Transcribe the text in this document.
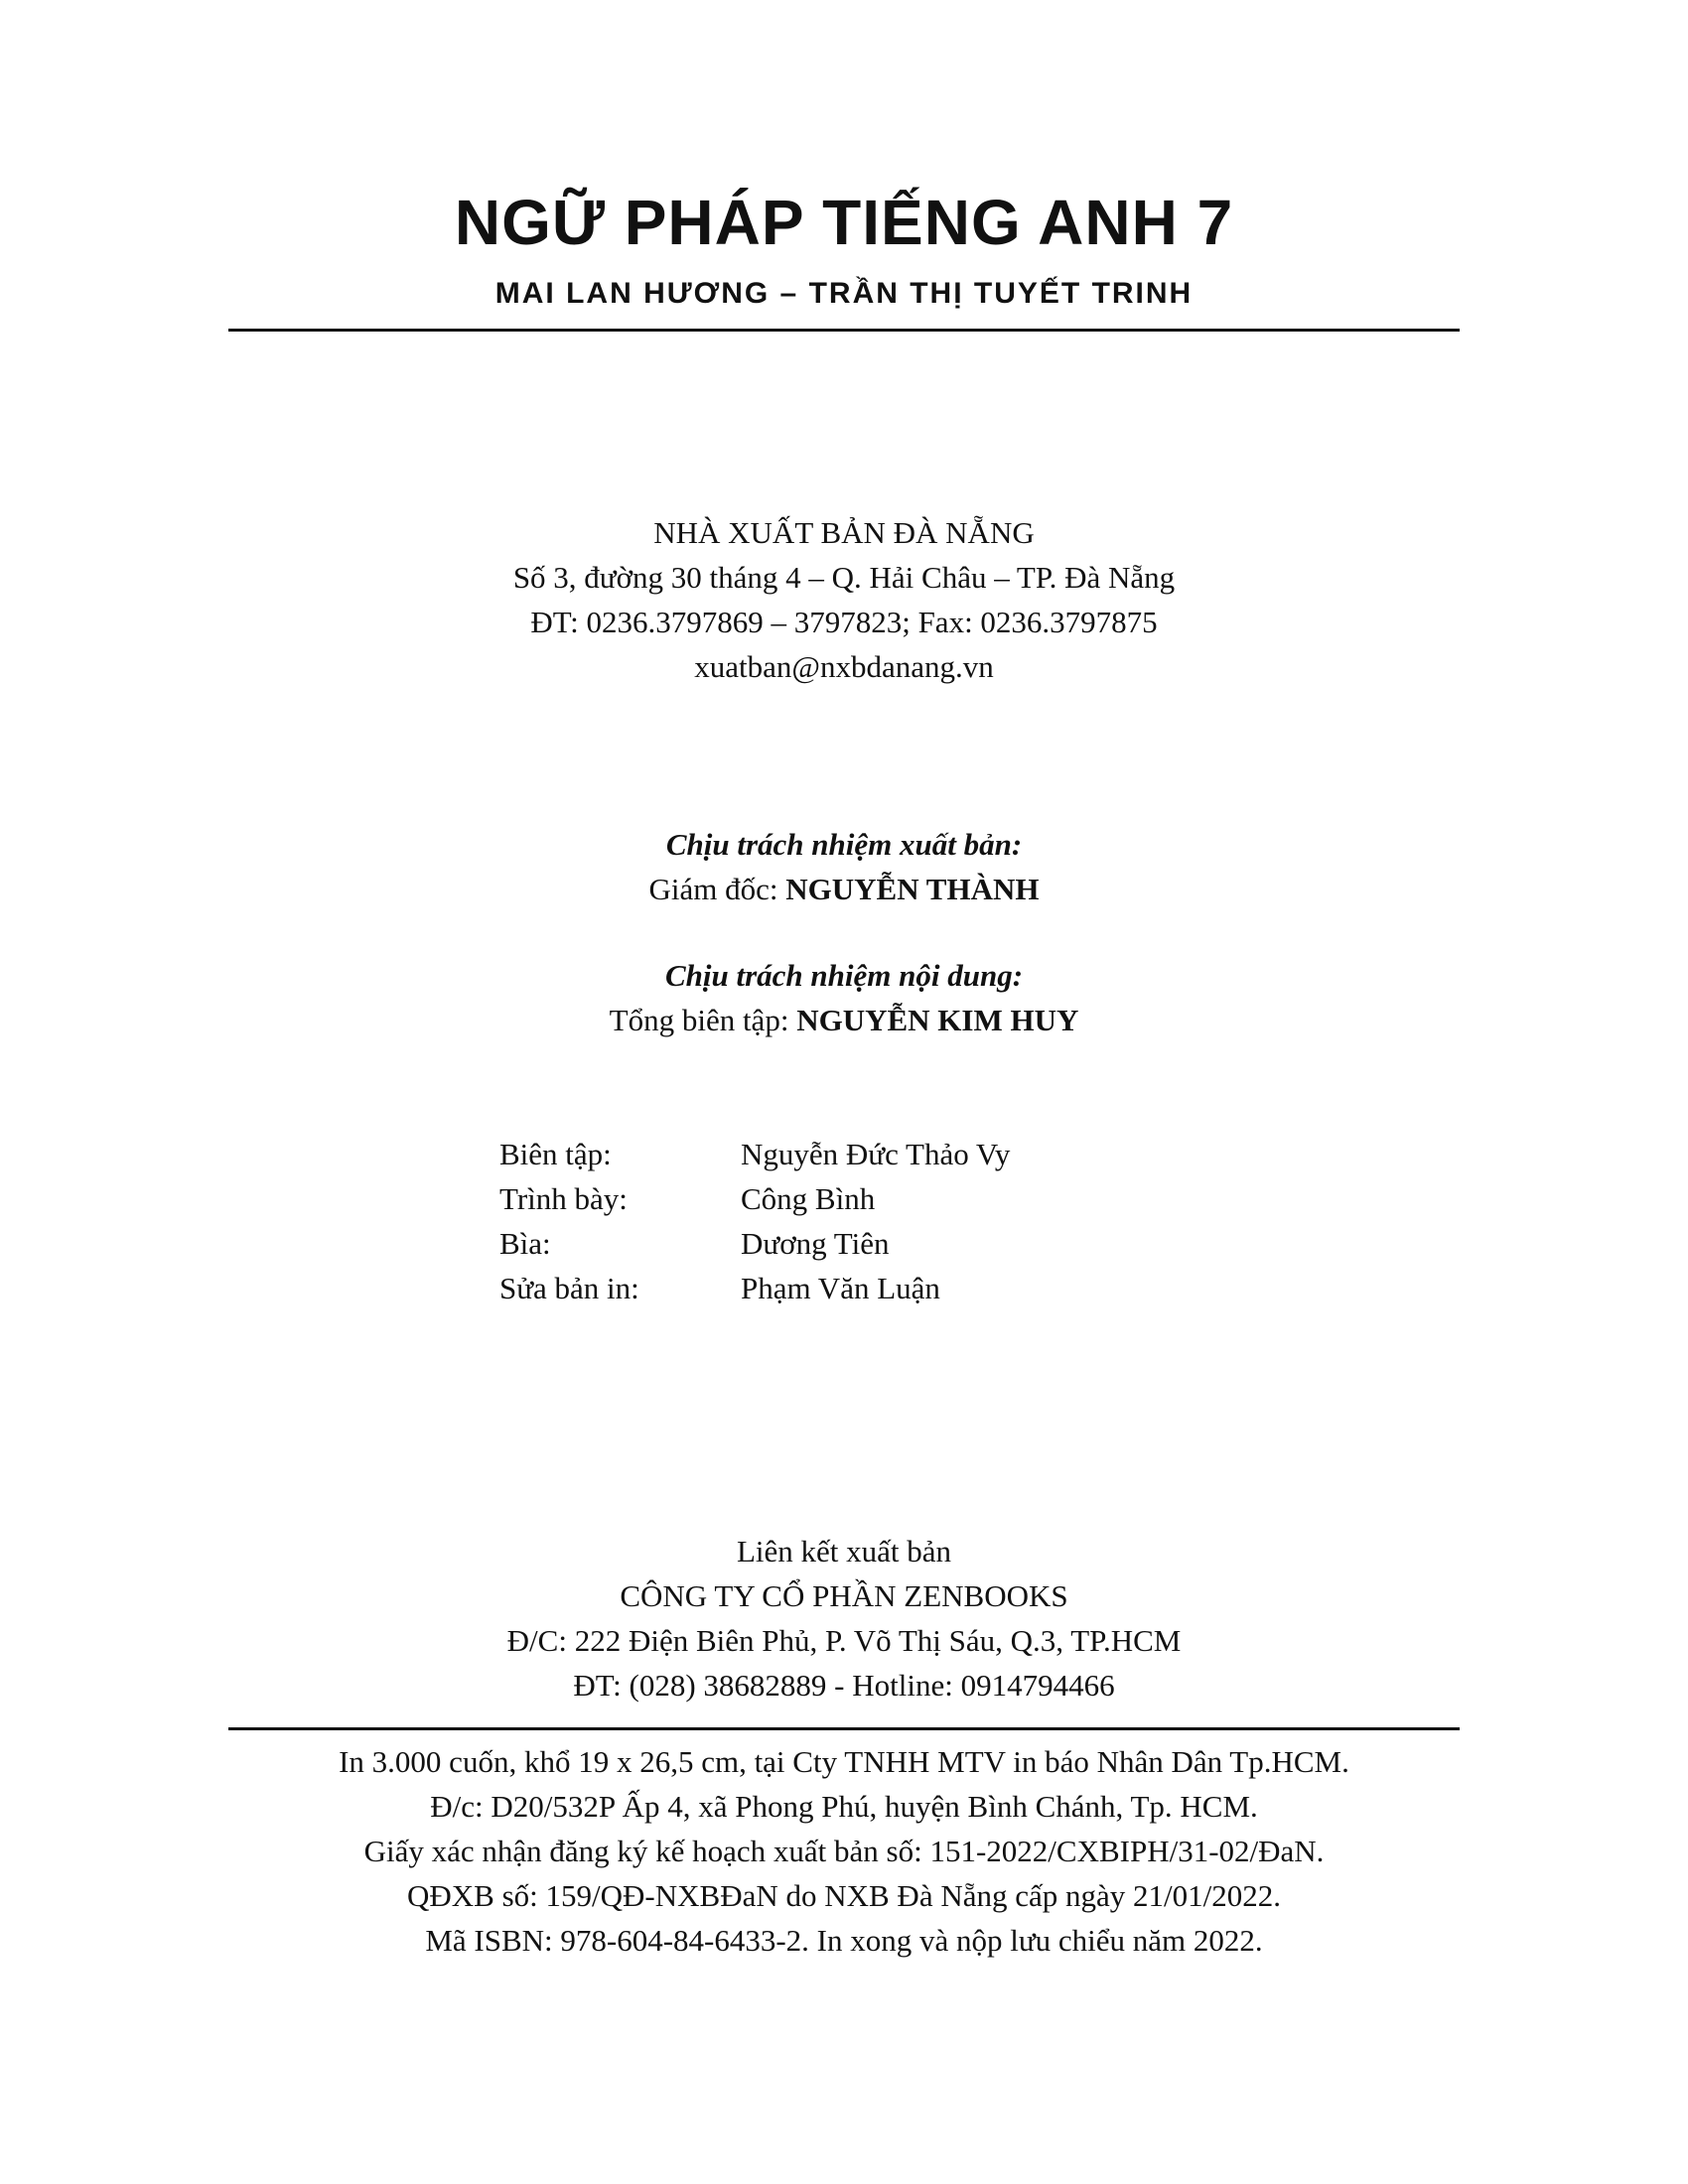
NGỮ PHÁP TIẾNG ANH 7
MAI LAN HƯƠNG – TRẦN THỊ TUYẾT TRINH
NHÀ XUẤT BẢN ĐÀ NẴNG
Số 3, đường 30 tháng 4 – Q. Hải Châu – TP. Đà Nẵng
ĐT: 0236.3797869 – 3797823; Fax: 0236.3797875
xuatban@nxbdanang.vn
Chịu trách nhiệm xuất bản:
Giám đốc: NGUYỄN THÀNH
Chịu trách nhiệm nội dung:
Tổng biên tập: NGUYỄN KIM HUY
Biên tập:	Nguyễn Đức Thảo Vy
Trình bày:	Công Bình
Bìa:	Dương Tiên
Sửa bản in:	Phạm Văn Luận
Liên kết xuất bản
CÔNG TY CỔ PHẦN ZENBOOKS
Đ/C: 222 Điện Biên Phủ, P. Võ Thị Sáu, Q.3, TP.HCM
ĐT: (028) 38682889 - Hotline: 0914794466
In 3.000 cuốn, khổ 19 x 26,5 cm, tại Cty TNHH MTV in báo Nhân Dân Tp.HCM.
Đ/c: D20/532P Ấp 4, xã Phong Phú, huyện Bình Chánh, Tp. HCM.
Giấy xác nhận đăng ký kế hoạch xuất bản số: 151-2022/CXBIPH/31-02/ĐaN.
QĐXB số: 159/QĐ-NXBĐaN do NXB Đà Nẵng cấp ngày 21/01/2022.
Mã ISBN: 978-604-84-6433-2. In xong và nộp lưu chiểu năm 2022.
